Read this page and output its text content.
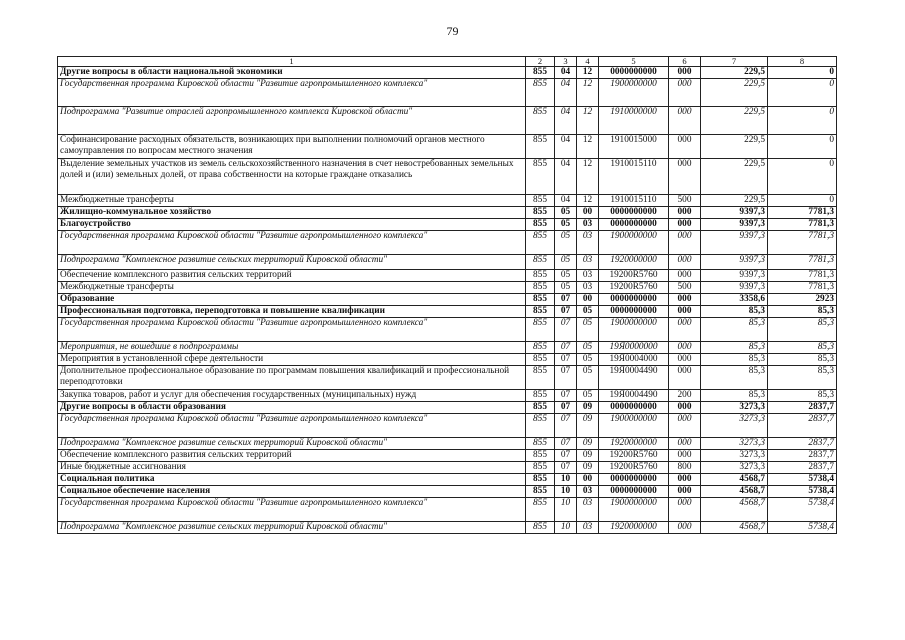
79
1	2	3	4	5	6	7	8
Другие вопросы в области национальной экономики	855	04	12	0000000000	000	229,5	0
Государственная программа Кировской области "Развитие агропромышленного комплекса"	855	04	12	1900000000	000	229,5	0
Подпрограмма "Развитие отраслей агропромышленного комплекса Кировской области"	855	04	12	1910000000	000	229,5	0
Софинансирование расходных обязательств, возникающих при выполнении полномочий органов местного самоуправления по вопросам местного значения	855	04	12	1910015000	000	229,5	0
Выделение земельных участков из земель сельскохозяйственного назначения в счет невостребованных земельных долей и (или) земельных долей, от права собственности на которые граждане отказались	855	04	12	1910015110	000	229,5	0
Межбюджетные трансферты	855	04	12	1910015110	500	229,5	0
Жилищно-коммунальное хозяйство	855	05	00	0000000000	000	9397,3	7781,3
Благоустройство	855	05	03	0000000000	000	9397,3	7781,3
Государственная программа Кировской области "Развитие агропромышленного комплекса"	855	05	03	1900000000	000	9397,3	7781,3
Подпрограмма "Комплексное развитие сельских территорий Кировской области"	855	05	03	1920000000	000	9397,3	7781,3
Обеспечение комплексного развития сельских территорий	855	05	03	19200R5760	000	9397,3	7781,3
Межбюджетные трансферты	855	05	03	19200R5760	500	9397,3	7781,3
Образование	855	07	00	0000000000	000	3358,6	2923
Профессиональная подготовка, переподготовка и повышение квалификации	855	07	05	0000000000	000	85,3	85,3
Государственная программа Кировской области "Развитие агропромышленного комплекса"	855	07	05	1900000000	000	85,3	85,3
Мероприятия, не вошедшие в подпрограммы	855	07	05	19Я0000000	000	85,3	85,3
Мероприятия в установленной сфере деятельности	855	07	05	19Я0004000	000	85,3	85,3
Дополнительное профессиональное образование по программам повышения квалификаций и профессиональной переподготовки	855	07	05	19Я0004490	000	85,3	85,3
Закупка товаров, работ и услуг для обеспечения государственных (муниципальных) нужд	855	07	05	19Я0004490	200	85,3	85,3
Другие вопросы в области образования	855	07	09	0000000000	000	3273,3	2837,7
Государственная программа Кировской области "Развитие агропромышленного комплекса"	855	07	09	1900000000	000	3273,3	2837,7
Подпрограмма "Комплексное развитие сельских территорий Кировской области"	855	07	09	1920000000	000	3273,3	2837,7
Обеспечение комплексного развития сельских территорий	855	07	09	19200R5760	000	3273,3	2837,7
Иные бюджетные ассигнования	855	07	09	19200R5760	800	3273,3	2837,7
Социальная политика	855	10	00	0000000000	000	4568,7	5738,4
Социальное обеспечение населения	855	10	03	0000000000	000	4568,7	5738,4
Государственная программа Кировской области "Развитие агропромышленного комплекса"	855	10	03	1900000000	000	4568,7	5738,4
Подпрограмма "Комплексное развитие сельских территорий Кировской области"	855	10	03	1920000000	000	4568,7	5738,4
